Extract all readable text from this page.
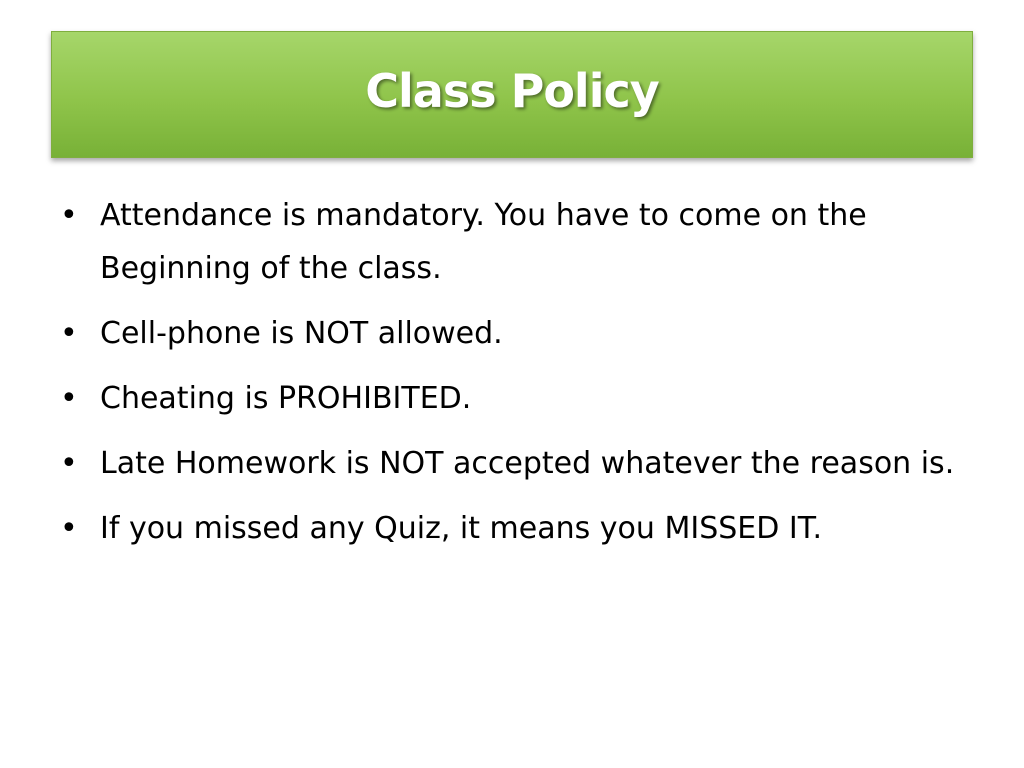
Class Policy
• Attendance is mandatory. You have to come on the Beginning of the class.
• Cell-phone is NOT allowed.
• Cheating is PROHIBITED.
• Late Homework is NOT accepted whatever the reason is.
• If you missed any Quiz, it means you MISSED IT.
